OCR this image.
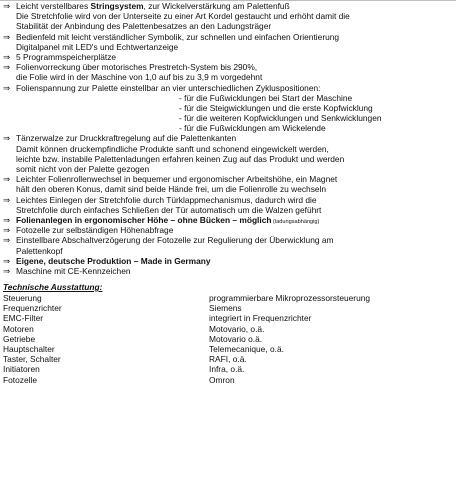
⇒ Leicht verstellbares Stringsystem, zur Wickelverstärkung am Palettenfuß
Die Stretchfolie wird von der Unterseite zu einer Art Kordel gestaucht und erhöht damit die
Stabilität der Anbindung des Palettenbesatzes an den Ladungsträger
⇒ Bedienfeld mit leicht verständlicher Symbolik, zur schnellen und einfachen Orientierung
Digitalpanel mit LED's und Echtwertanzeige
⇒ 5 Programmspeicherplätze
⇒ Folienvorreckung über motorisches Prestretch-System bis 290%,
die Folie wird in der Maschine von 1,0 auf bis zu 3,9 m vorgedehnt
⇒ Folienspannung zur Palette einstellbar an vier unterschiedlichen Zykluspositionen:
- für die Fußwicklungen bei Start der Maschine
- für die Steigwicklungen und die erste Kopfwicklung
- für die weiteren Kopfwicklungen und Senkwicklungen
- für die Fußwicklungen am Wickelende
⇒ Tänzerwalze zur Druckkraftregelung auf die Palettenkanten
Damit können druckempfindliche Produkte sanft und schonend eingewickelt werden,
leichte bzw. instabile Palettenladungen erfahren keinen Zug auf das Produkt und werden
somit nicht von der Palette gezogen
⇒ Leichter Folienrollenwechsel in bequemer und ergonomischer Arbeitshöhe, ein Magnet
hält den oberen Konus, damit sind beide Hände frei, um die Folienrolle zu wechseln
⇒ Leichtes Einlegen der Stretchfolie durch Türklappmechanismus, dadurch wird die
Stretchfolie durch einfaches Schließen der Tür automatisch um die Walzen geführt
⇒ Folienanlegen in ergonomischer Höhe – ohne Bücken – möglich (ladungsabhängig)
⇒ Fotozelle zur selbständigen Höhenabfrage
⇒ Einstellbare Abschaltverzögerung der Fotozelle zur Regulierung der Überwicklung am
Palettenkopf
⇒ Eigene, deutsche Produktion – Made in Germany
⇒ Maschine mit CE-Kennzeichen
Technische Ausstattung:
Steuerung	programmierbare Mikroprozessorsteuerung
Frequenzrichter	Siemens
EMC-Filter	integriert in Frequenzrichter
Motoren	Motovario, o.ä.
Getriebe	Motovario o.ä.
Hauptschalter	Telemecanique, o.ä.
Taster, Schalter	RAFI, o.ä.
Initiatoren	Infra, o.ä.
Fotozelle	Omron
